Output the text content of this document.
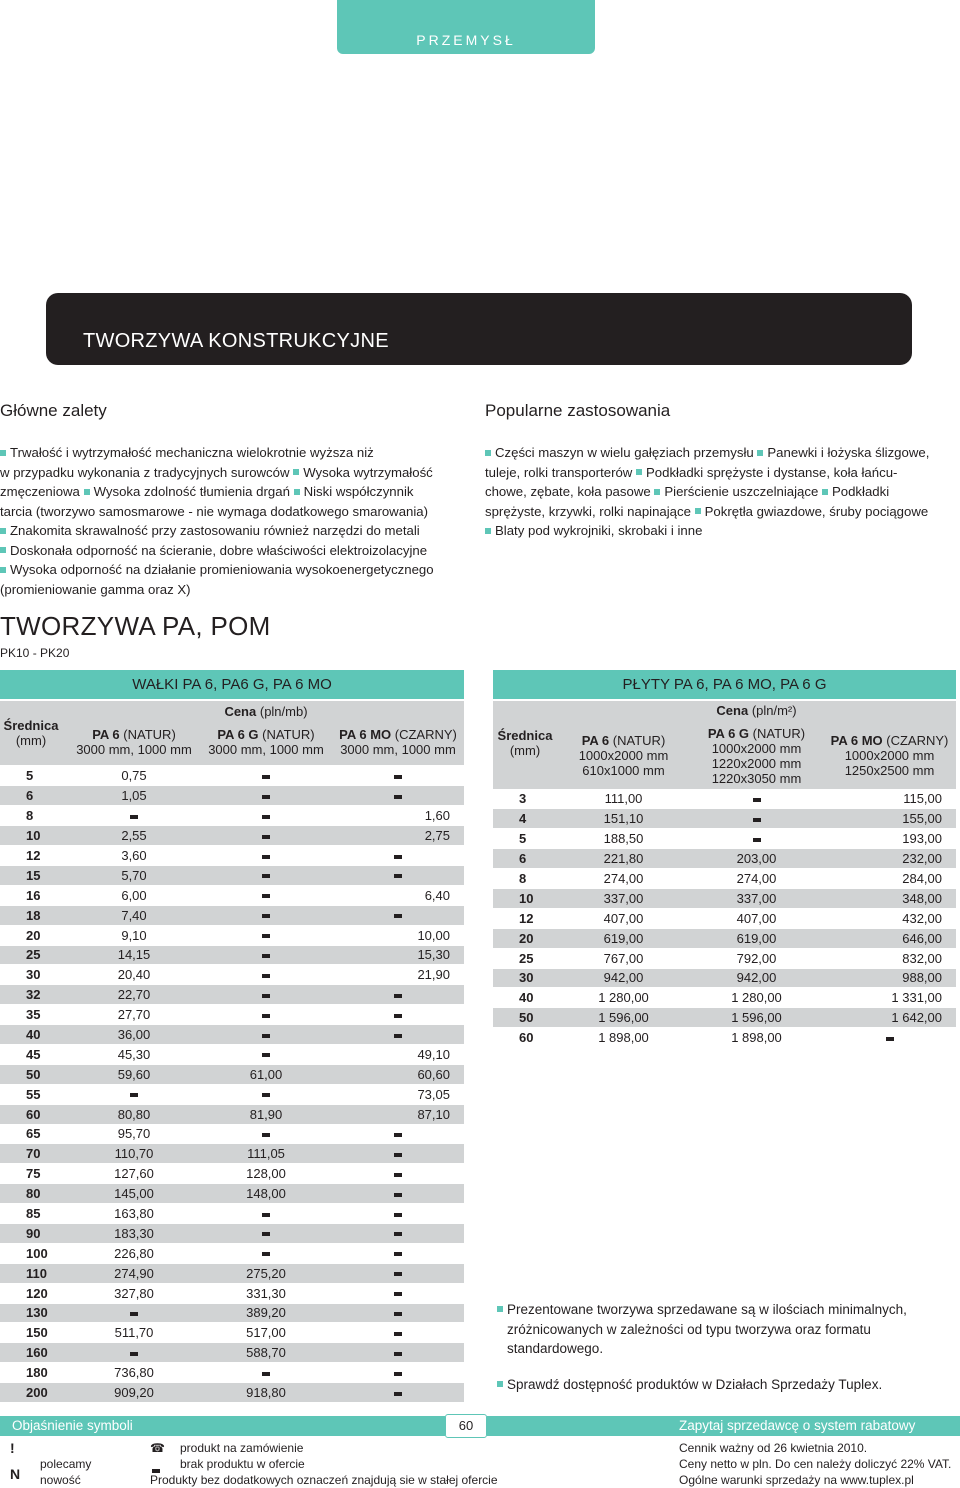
PRZEMYSŁ
TWORZYWA KONSTRUKCYJNE
Główne zalety
Trwałość i wytrzymałość mechaniczna wielokrotnie wyższa niż
w przypadku wykonania z tradycyjnych surowców Wysoka wytrzymałość
zmęczeniowa Wysoka zdolność tłumienia drgań Niski współczynnik
tarcia (tworzywo samosmarowe - nie wymaga dodatkowego smarowania)
Znakomita skrawalność przy zastosowaniu również narzędzi do metali
Doskonała odporność na ścieranie, dobre właściwości elektroizolacyjne
Wysoka odporność na działanie promieniowania wysokoenergetycznego
(promieniowanie gamma oraz X)
Popularne zastosowania
Części maszyn w wielu gałęziach przemysłu Panewki i łożyska ślizgowe,
tuleje, rolki transporterów Podkładki sprężyste i dystanse, koła łańcu-
chowe, zębate, koła pasowe Pierścienie uszczelniające Podkładki
sprężyste, krzywki, rolki napinające Pokrętła gwiazdowe, śruby pociągowe
Blaty pod wykrojniki, skrobaki i inne
TWORZYWA PA, POM
PK10 - PK20
WAŁKI PA 6, PA6 G, PA 6 MO
Średnica
(mm)
Cena (pln/mb)
PA 6 (NATUR)
3000 mm, 1000 mm
PA 6 G (NATUR)
3000 mm, 1000 mm
PA 6 MO (CZARNY)
3000 mm, 1000 mm
5	0,75		
6	1,05		
8			1,60
10	2,55		2,75
12	3,60		
15	5,70		
16	6,00		6,40
18	7,40		
20	9,10		10,00
25	14,15		15,30
30	20,40		21,90
32	22,70		
35	27,70		
40	36,00		
45	45,30		49,10
50	59,60	61,00	60,60
55			73,05
60	80,80	81,90	87,10
65	95,70		
70	110,70	111,05	
75	127,60	128,00	
80	145,00	148,00	
85	163,80		
90	183,30		
100	226,80		
110	274,90	275,20	
120	327,80	331,30	
130		389,20	
150	511,70	517,00	
160		588,70	
180	736,80		
200	909,20	918,80	
PŁYTY PA 6, PA 6 MO, PA 6 G
Średnica
(mm)
Cena (pln/m²)
PA 6 (NATUR)
1000x2000 mm
610x1000 mm
PA 6 G (NATUR)
1000x2000 mm
1220x2000 mm
1220x3050 mm
PA 6 MO (CZARNY)
1000x2000 mm
1250x2500 mm
3	111,00		115,00
4	151,10		155,00
5	188,50		193,00
6	221,80	203,00	232,00
8	274,00	274,00	284,00
10	337,00	337,00	348,00
12	407,00	407,00	432,00
20	619,00	619,00	646,00
25	767,00	792,00	832,00
30	942,00	942,00	988,00
40	1 280,00	1 280,00	1 331,00
50	1 596,00	1 596,00	1 642,00
60	1 898,00	1 898,00	
Prezentowane tworzywa sprzedawane są w ilościach minimalnych,
zróżnicowanych w zależności od typu tworzywa oraz formatu
standardowego.
Sprawdź dostępność produktów w Działach Sprzedaży Tuplex.
Objaśnienie symboli	60	Zapytaj sprzedawcę o system rabatowy
!
N
polecamy
nowość
☎ produkt na zamówienie
brak produktu w ofercie
Produkty bez dodatkowych oznaczeń znajdują sie w stałej ofercie
Cennik ważny od 26 kwietnia 2010.
Ceny netto w pln. Do cen należy doliczyć 22% VAT.
Ogólne warunki sprzedaży na www.tuplex.pl
